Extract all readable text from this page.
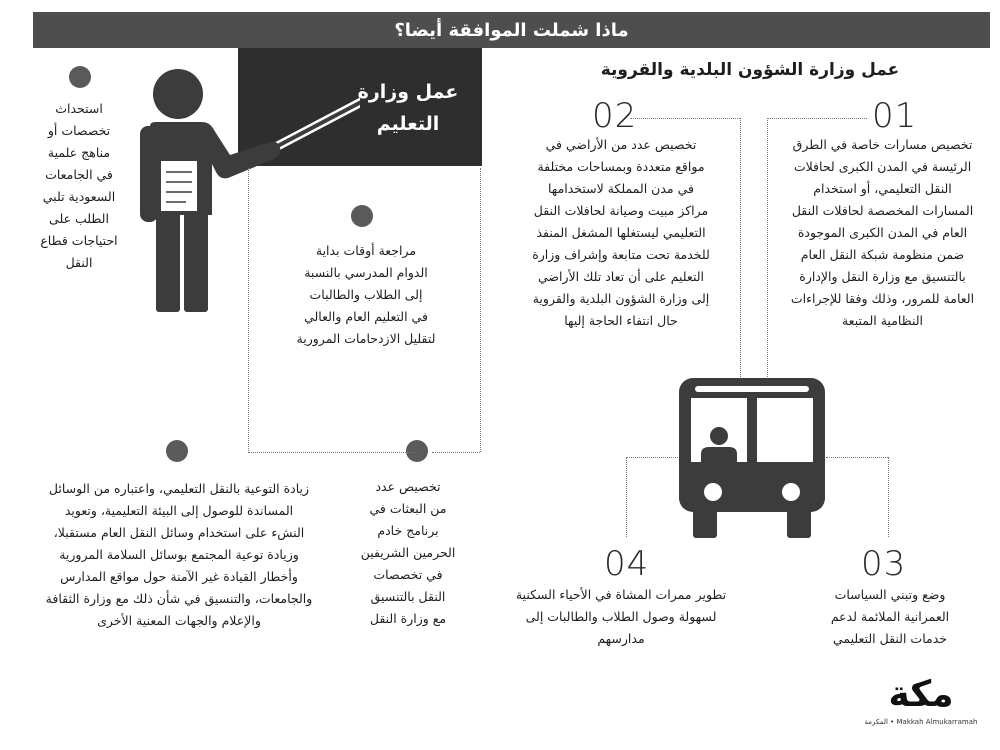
ماذا شملت الموافقة أيضا؟
عمل وزارة
التعليم
عمل وزارة الشؤون البلدية والقروية
01
تخصيص مسارات خاصة في الطرق
الرئيسة في المدن الكبرى لحافلات
النقل التعليمي، أو استخدام
المسارات المخصصة لحافلات النقل
العام في المدن الكبرى الموجودة
ضمن منظومة شبكة النقل العام
بالتنسيق مع وزارة النقل والإدارة
العامة للمرور، وذلك وفقا للإجراءات
النظامية المتبعة
02
تخصيص عدد من الأراضي في
مواقع متعددة وبمساحات مختلفة
في مدن المملكة لاستخدامها
مراكز مبيت وصيانة لحافلات النقل
التعليمي ليستغلها المشغل المنفذ
للخدمة تحت متابعة وإشراف وزارة
التعليم على أن تعاد تلك الأراضي
إلى وزارة الشؤون البلدية والقروية
حال انتفاء الحاجة إليها
03
وضع وتبني السياسات
العمرانية الملائمة لدعم
خدمات النقل التعليمي
04
تطوير ممرات المشاة في الأحياء السكنية
لسهولة وصول الطلاب والطالبات إلى
مدارسهم
استحداث
تخصصات أو
مناهج علمية
في الجامعات
السعودية تلبي
الطلب على
احتياجات قطاع
النقل
مراجعة أوقات بداية
الدوام المدرسي بالنسبة
إلى الطلاب والطالبات
في التعليم العام والعالي
لتقليل الازدحامات المرورية
تخصيص عدد
من البعثات في
برنامج خادم
الحرمين الشريفين
في تخصصات
النقل بالتنسيق
مع وزارة النقل
زيادة التوعية بالنقل التعليمي، واعتباره من الوسائل
المساندة للوصول إلى البيئة التعليمية، وتعويد
النشء على استخدام وسائل النقل العام مستقبلا،
وزيادة توعية المجتمع بوسائل السلامة المرورية
وأخطار القيادة غير الآمنة حول مواقع المدارس
والجامعات، والتنسيق في شأن ذلك مع وزارة الثقافة
والإعلام والجهات المعنية الأخرى
مكة
Makkah Almukarramah • المكرمة
